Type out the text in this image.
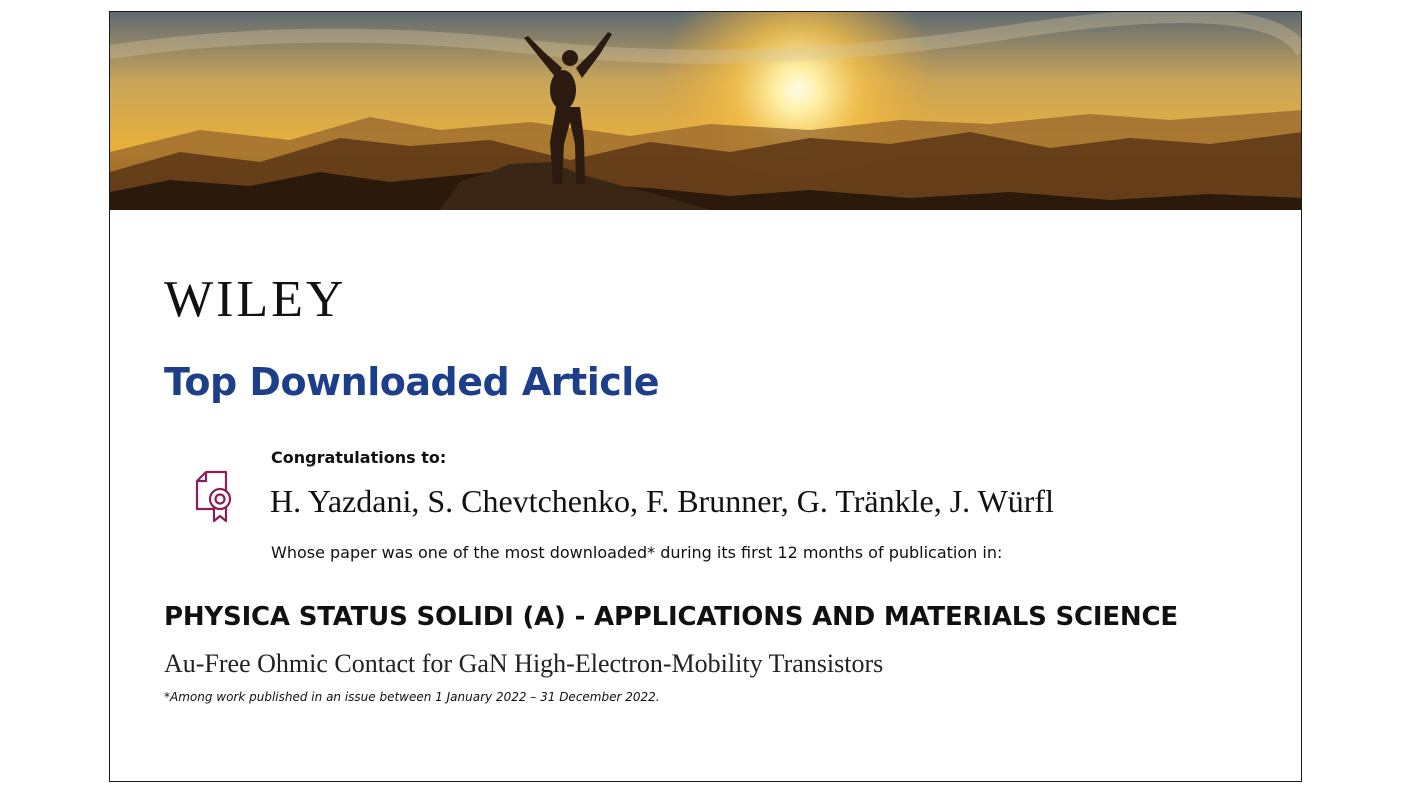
WILEY
Top Downloaded Article
Congratulations to:
H. Yazdani, S. Chevtchenko, F. Brunner, G. Tränkle, J. Würfl
Whose paper was one of the most downloaded* during its first 12 months of publication in:
PHYSICA STATUS SOLIDI (A) - APPLICATIONS AND MATERIALS SCIENCE
Au-Free Ohmic Contact for GaN High-Electron-Mobility Transistors
*Among work published in an issue between 1 January 2022 – 31 December 2022.
